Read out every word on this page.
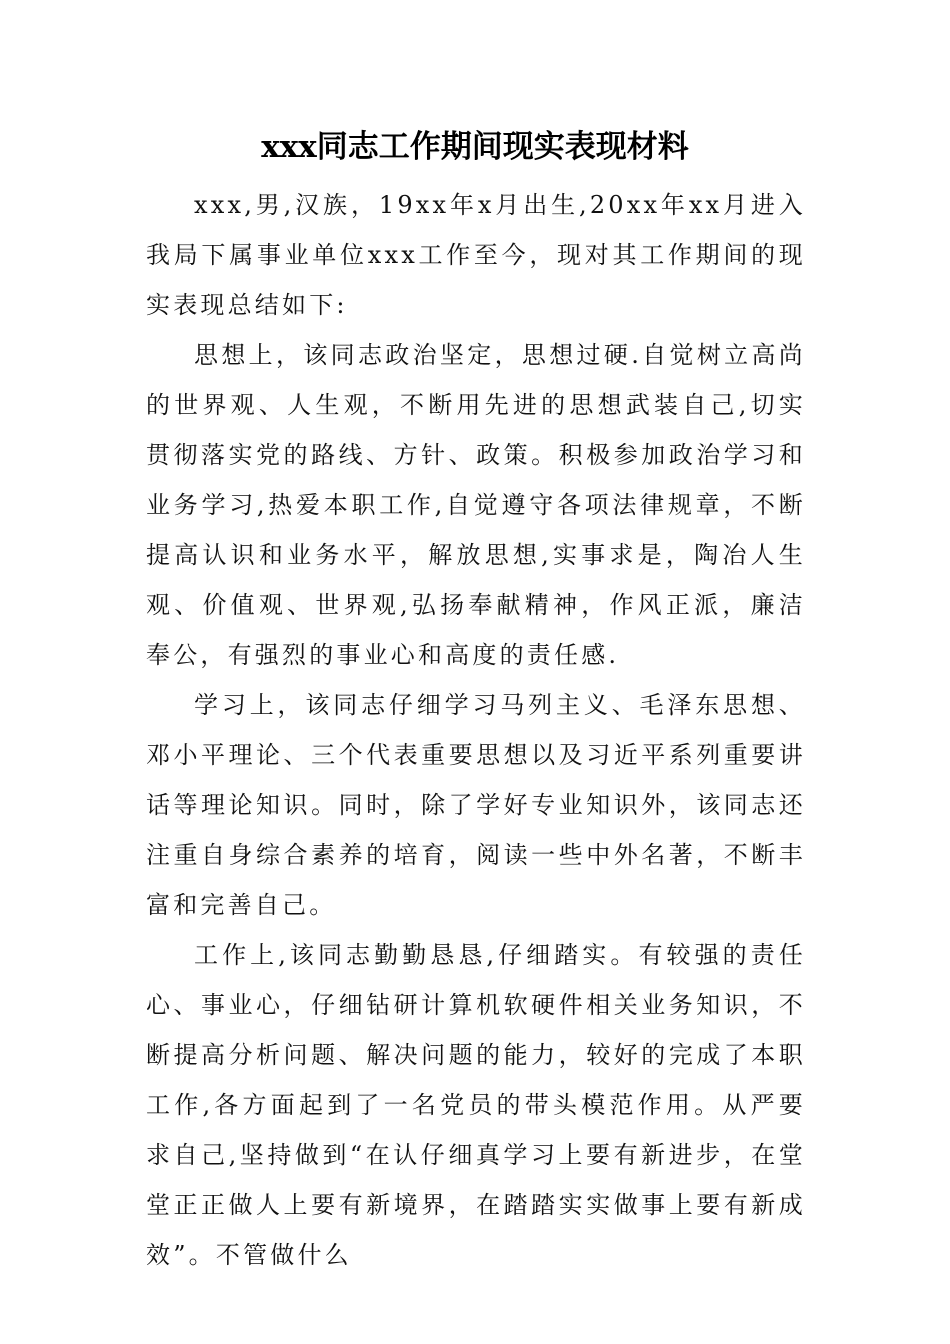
xxx同志工作期间现实表现材料

xxx,男,汉族，19xx年x月出生,20xx年xx月进入我局下属事业单位xxx工作至今，现对其工作期间的现实表现总结如下:

思想上，该同志政治坚定，思想过硬.自觉树立高尚的世界观、人生观，不断用先进的思想武装自己,切实贯彻落实党的路线、方针、政策。积极参加政治学习和业务学习,热爱本职工作,自觉遵守各项法律规章，不断提高认识和业务水平，解放思想,实事求是，陶冶人生观、价值观、世界观,弘扬奉献精神，作风正派，廉洁奉公，有强烈的事业心和高度的责任感.

学习上，该同志仔细学习马列主义、毛泽东思想、邓小平理论、三个代表重要思想以及习近平系列重要讲话等理论知识。同时，除了学好专业知识外，该同志还注重自身综合素养的培育，阅读一些中外名著，不断丰富和完善自己。

工作上,该同志勤勤恳恳,仔细踏实。有较强的责任心、事业心，仔细钻研计算机软硬件相关业务知识，不断提高分析问题、解决问题的能力，较好的完成了本职工作,各方面起到了一名党员的带头模范作用。从严要求自己,坚持做到“在认仔细真学习上要有新进步，在堂堂正正做人上要有新境界，在踏踏实实做事上要有新成效”。不管做什么
